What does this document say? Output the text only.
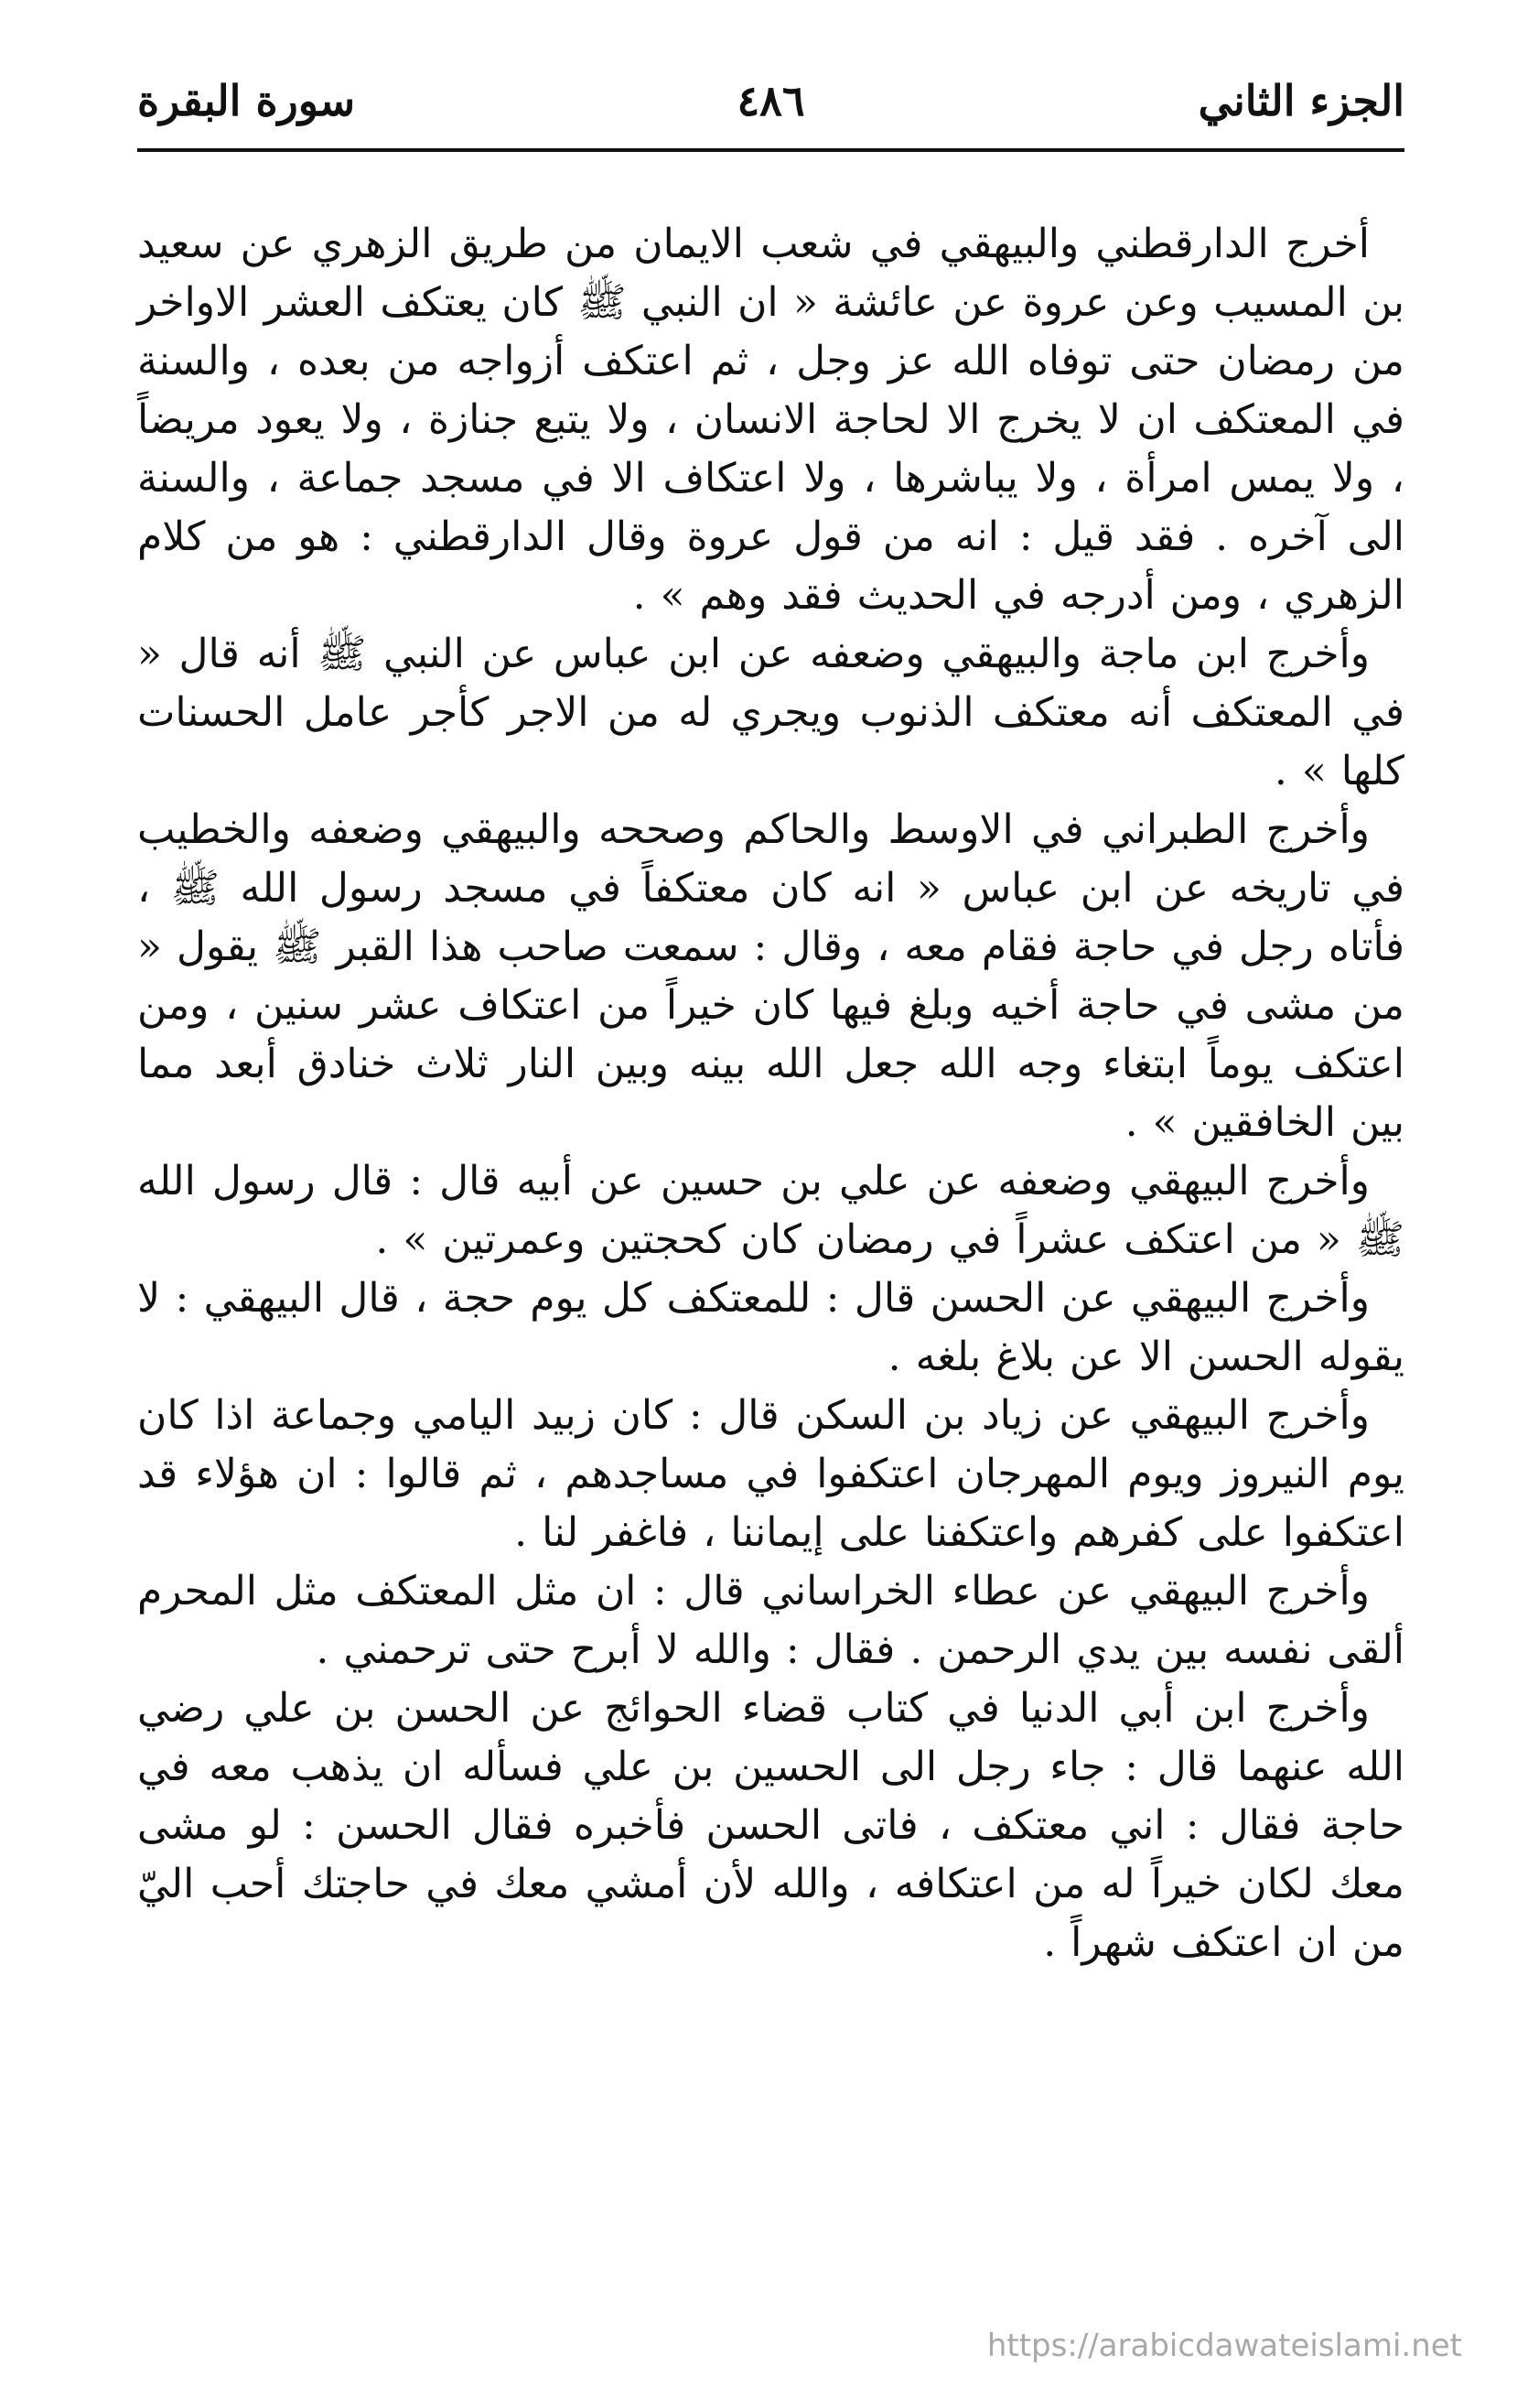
الجزء الثاني
٤٨٦
سورة البقرة

أخرج الدارقطني والبيهقي في شعب الايمان من طريق الزهري عن سعيد بن المسيب وعن عروة عن عائشة « ان النبي ﷺ كان يعتكف العشر الاواخر من رمضان حتى توفاه الله عز وجل ، ثم اعتكف أزواجه من بعده ، والسنة في المعتكف ان لا يخرج الا لحاجة الانسان ، ولا يتبع جنازة ، ولا يعود مريضاً ، ولا يمس امرأة ، ولا يباشرها ، ولا اعتكاف الا في مسجد جماعة ، والسنة الى آخره . فقد قيل : انه من قول عروة وقال الدارقطني : هو من كلام الزهري ، ومن أدرجه في الحديث فقد وهم » .

وأخرج ابن ماجة والبيهقي وضعفه عن ابن عباس عن النبي ﷺ أنه قال « في المعتكف أنه معتكف الذنوب ويجري له من الاجر كأجر عامل الحسنات كلها » .

وأخرج الطبراني في الاوسط والحاكم وصححه والبيهقي وضعفه والخطيب في تاريخه عن ابن عباس « انه كان معتكفاً في مسجد رسول الله ﷺ ، فأتاه رجل في حاجة فقام معه ، وقال : سمعت صاحب هذا القبر ﷺ يقول « من مشى في حاجة أخيه وبلغ فيها كان خيراً من اعتكاف عشر سنين ، ومن اعتكف يوماً ابتغاء وجه الله جعل الله بينه وبين النار ثلاث خنادق أبعد مما بين الخافقين » .

وأخرج البيهقي وضعفه عن علي بن حسين عن أبيه قال : قال رسول الله ﷺ « من اعتكف عشراً في رمضان كان كحجتين وعمرتين » .

وأخرج البيهقي عن الحسن قال : للمعتكف كل يوم حجة ، قال البيهقي : لا يقوله الحسن الا عن بلاغ بلغه .

وأخرج البيهقي عن زياد بن السكن قال : كان زبيد اليامي وجماعة اذا كان يوم النيروز ويوم المهرجان اعتكفوا في مساجدهم ، ثم قالوا : ان هؤلاء قد اعتكفوا على كفرهم واعتكفنا على إيماننا ، فاغفر لنا .

وأخرج البيهقي عن عطاء الخراساني قال : ان مثل المعتكف مثل المحرم ألقى نفسه بين يدي الرحمن . فقال : والله لا أبرح حتى ترحمني .

وأخرج ابن أبي الدنيا في كتاب قضاء الحوائج عن الحسن بن علي رضي الله عنهما قال : جاء رجل الى الحسين بن علي فسأله ان يذهب معه في حاجة فقال : اني معتكف ، فاتى الحسن فأخبره فقال الحسن : لو مشى معك لكان خيراً له من اعتكافه ، والله لأن أمشي معك في حاجتك أحب اليّ من ان اعتكف شهراً .

https://arabicdawateislami.net
